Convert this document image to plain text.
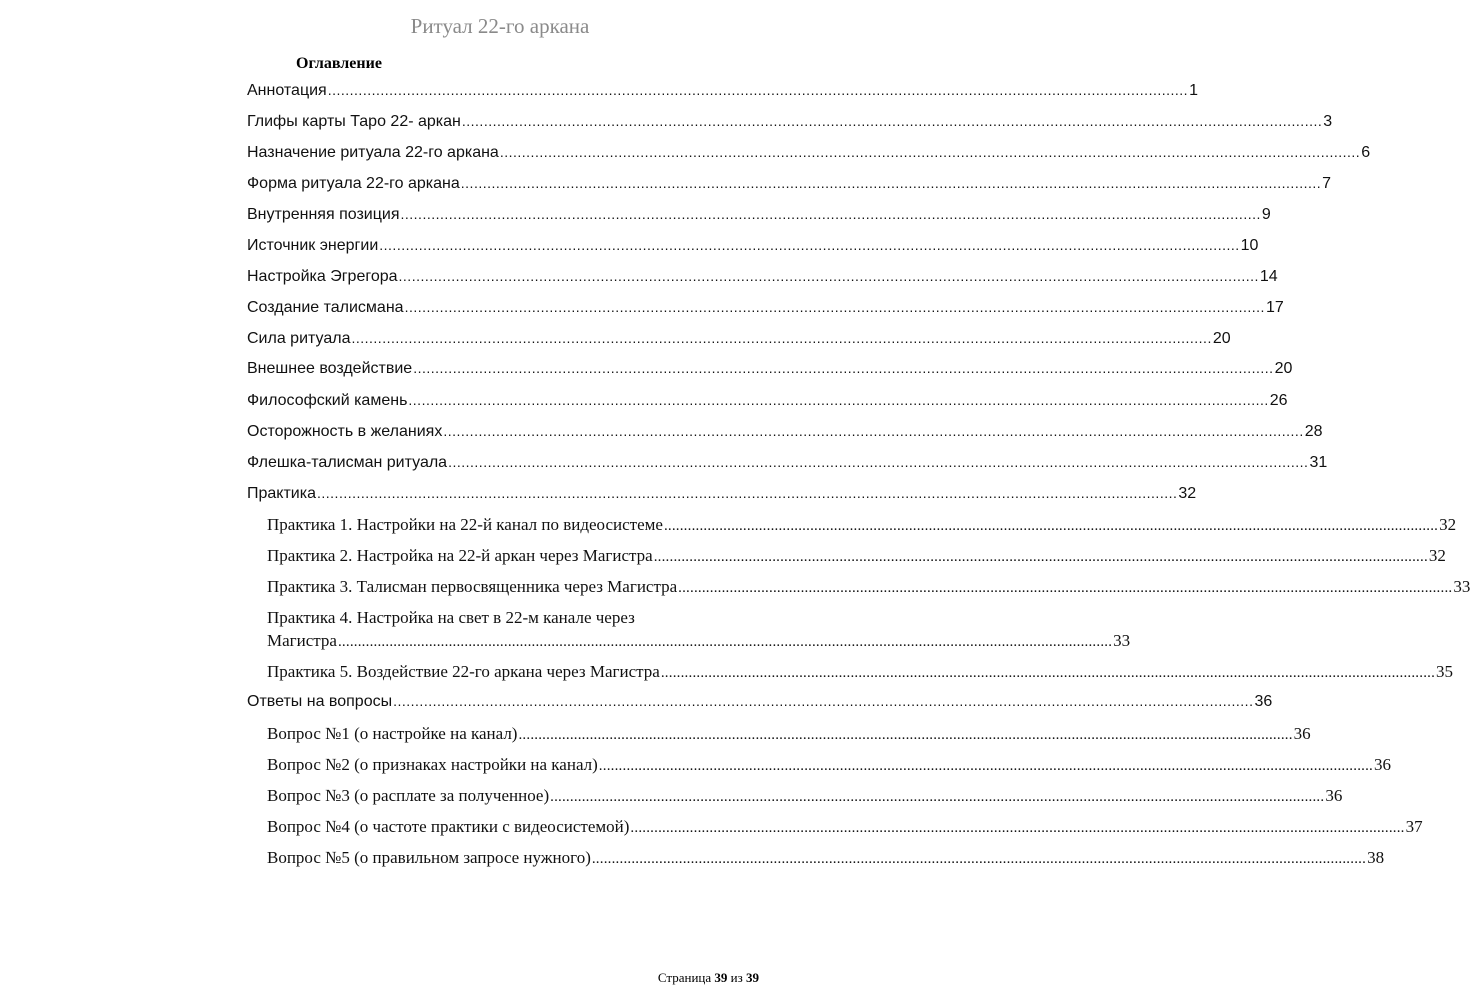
Ритуал 22-го аркана
Оглавление
Аннотация .................................................................................................................................................................................................... 1
Глифы карты Таро 22- аркан .................................................................................................................................................................................................... 3
Назначение ритуала 22-го аркана .................................................................................................................................................................................................... 6
Форма ритуала 22-го аркана .................................................................................................................................................................................................... 7
Внутренняя позиция .................................................................................................................................................................................................... 9
Источник энергии .................................................................................................................................................................................................... 10
Настройка Эгрегора .................................................................................................................................................................................................... 14
Создание талисмана .................................................................................................................................................................................................... 17
Сила ритуала .................................................................................................................................................................................................... 20
Внешнее воздействие .................................................................................................................................................................................................... 20
Философский камень .................................................................................................................................................................................................... 26
Осторожность в желаниях .................................................................................................................................................................................................... 28
Флешка-талисман ритуала .................................................................................................................................................................................................... 31
Практика .................................................................................................................................................................................................... 32
Практика 1. Настройки на 22-й канал по видеосистеме .................................................................................................................................................................................................... 32
Практика 2. Настройка на 22-й аркан через Магистра .................................................................................................................................................................................................... 32
Практика 3. Талисман первосвященника через Магистра .................................................................................................................................................................................................... 33
Практика 4. Настройка на свет в 22-м канале через
Магистра .................................................................................................................................................................................................... 33
Практика 5. Воздействие 22-го аркана через Магистра .................................................................................................................................................................................................... 35
Ответы на вопросы .................................................................................................................................................................................................... 36
Вопрос №1 (о настройке на канал) .................................................................................................................................................................................................... 36
Вопрос №2 (о признаках настройки на канал) .................................................................................................................................................................................................... 36
Вопрос №3 (о расплате за полученное) .................................................................................................................................................................................................... 36
Вопрос №4 (о частоте практики с видеосистемой) .................................................................................................................................................................................................... 37
Вопрос №5 (о правильном запросе нужного) .................................................................................................................................................................................................... 38
Страница 39 из 39
